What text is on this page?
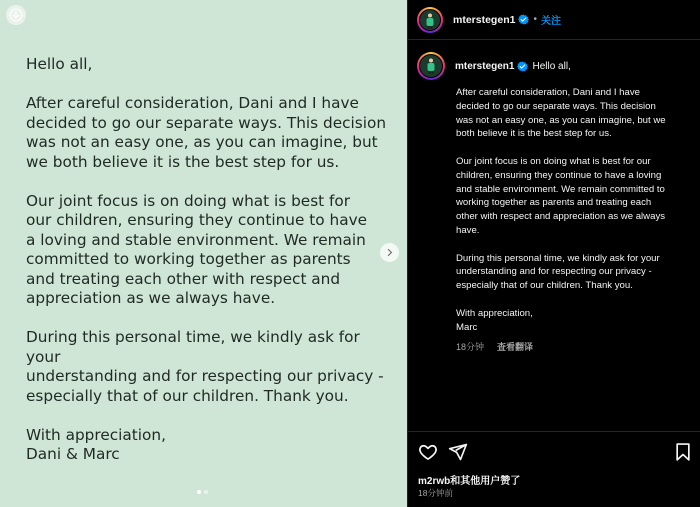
Hello all,

After careful consideration, Dani and I have
decided to go our separate ways. This decision
was not an easy one, as you can imagine, but
we both believe it is the best step for us.

Our joint focus is on doing what is best for
our children, ensuring they continue to have
a loving and stable environment. We remain
committed to working together as parents
and treating each other with respect and
appreciation as we always have.

During this personal time, we kindly ask for your
understanding and for respecting our privacy -
especially that of our children. Thank you.

With appreciation,
Dani & Marc

mterstegen1 • 关注
mterstegen1 Hello all,

After careful consideration, Dani and I have
decided to go our separate ways. This decision
was not an easy one, as you can imagine, but we
both believe it is the best step for us.

Our joint focus is on doing what is best for our
children, ensuring they continue to have a loving
and stable environment. We remain committed to
working together as parents and treating each
other with respect and appreciation as we always
have.

During this personal time, we kindly ask for your
understanding and for respecting our privacy -
especially that of our children. Thank you.

With appreciation,
Marc

18分钟 查看翻译
m2rwb和其他用户赞了
18分钟前
